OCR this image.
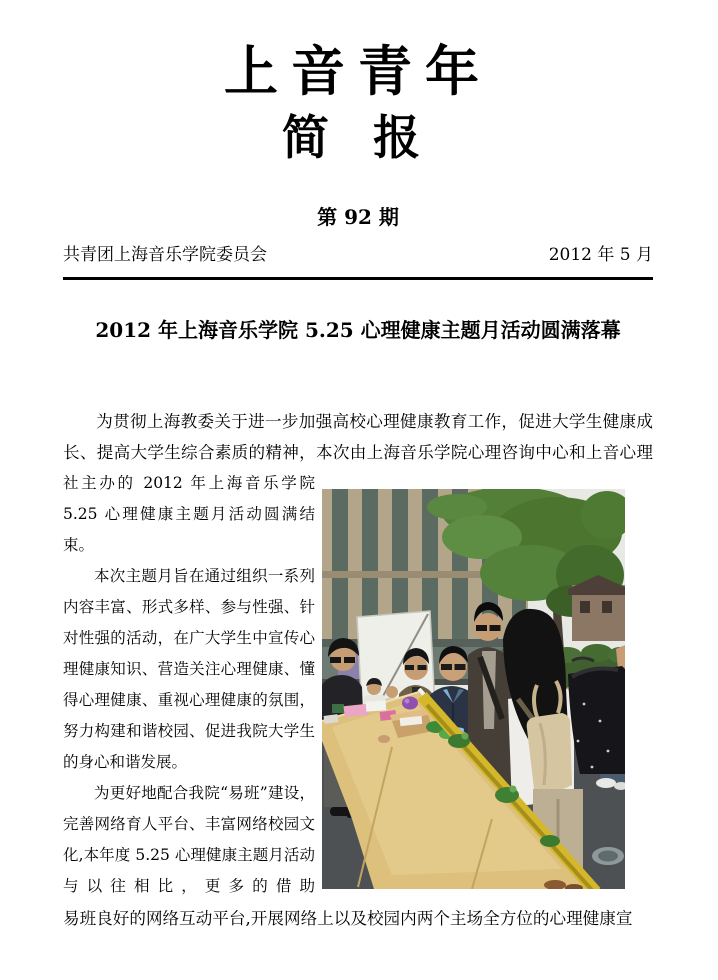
上音青年
简 报
第 92 期
共青团上海音乐学院委员会	2012 年 5 月
2012 年上海音乐学院 5.25 心理健康主题月活动圆满落幕

为贯彻上海教委关于进一步加强高校心理健康教育工作，促进大学生健康成长、提高大学生综合素质的精神，本次由上海音乐学院心理咨询中心和上音心理

社主办的 2012 年上海音乐学院 5.25 心理健康主题月活动圆满结束。

本次主题月旨在通过组织一系列内容丰富、形式多样、参与性强、针对性强的活动，在广大学生中宣传心理健康知识、营造关注心理健康、懂得心理健康、重视心理健康的氛围，努力构建和谐校园、促进我院大学生的身心和谐发展。

为更好地配合我院“易班”建设，完善网络育人平台、丰富网络校园文化,本年度 5.25 心理健康主题月活动与以往相比，更多的借助

易班良好的网络互动平台,开展网络上以及校园内两个主场全方位的心理健康宣
